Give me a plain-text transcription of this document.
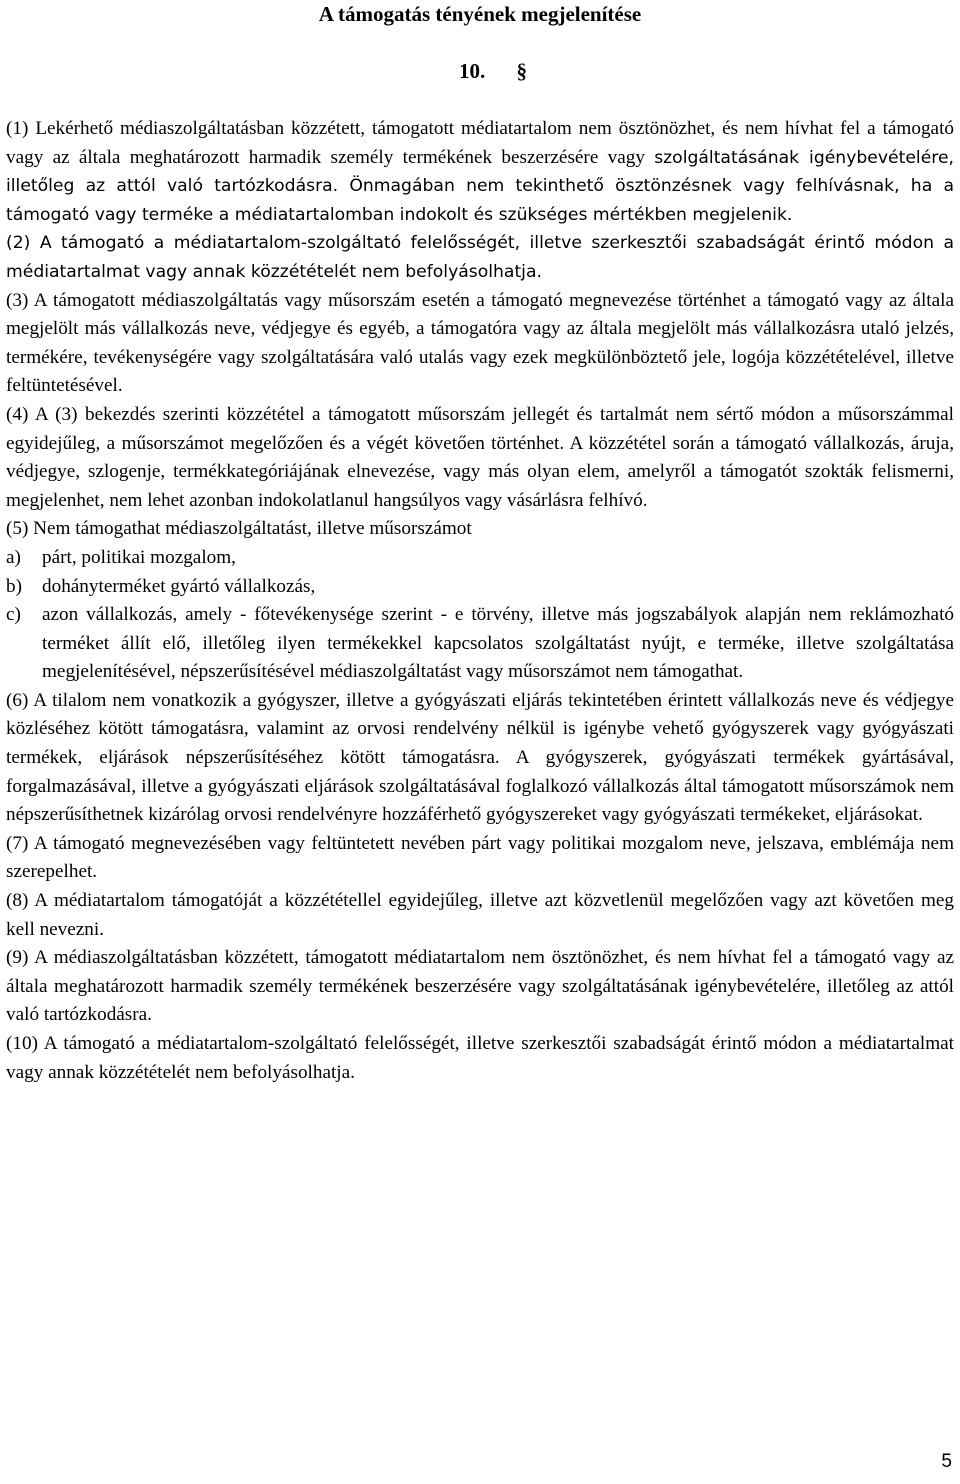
A támogatás tényének megjelenítése
10. §

(1) Lekérhető médiaszolgáltatásban közzétett, támogatott médiatartalom nem ösztönözhet, és nem hívhat fel a támogató vagy az általa meghatározott harmadik személy termékének beszerzésére vagy szolgáltatásának igénybevételére, illetőleg az attól való tartózkodásra. Önmagában nem tekinthető ösztönzésnek vagy felhívásnak, ha a támogató vagy terméke a médiatartalomban indokolt és szükséges mértékben megjelenik.

(2) A támogató a médiatartalom-szolgáltató felelősségét, illetve szerkesztői szabadságát érintő módon a médiatartalmat vagy annak közzétételét nem befolyásolhatja.

(3) A támogatott médiaszolgáltatás vagy műsorszám esetén a támogató megnevezése történhet a támogató vagy az általa megjelölt más vállalkozás neve, védjegye és egyéb, a támogatóra vagy az általa megjelölt más vállalkozásra utaló jelzés, termékére, tevékenységére vagy szolgáltatására való utalás vagy ezek megkülönböztető jele, logója közzétételével, illetve feltüntetésével.

(4) A (3) bekezdés szerinti közzététel a támogatott műsorszám jellegét és tartalmát nem sértő módon a műsorszámmal egyidejűleg, a műsorszámot megelőzően és a végét követően történhet. A közzététel során a támogató vállalkozás, áruja, védjegye, szlogenje, termékkategóriájának elnevezése, vagy más olyan elem, amelyről a támogatót szokták felismerni, megjelenhet, nem lehet azonban indokolatlanul hangsúlyos vagy vásárlásra felhívó.

(5) Nem támogathat médiaszolgáltatást, illetve műsorszámot

a)	párt, politikai mozgalom,
b)	dohányterméket gyártó vállalkozás,
c)	azon vállalkozás, amely - főtevékenysége szerint - e törvény, illetve más jogszabályok alapján nem reklámozható terméket állít elő, illetőleg ilyen termékekkel kapcsolatos szolgáltatást nyújt, e terméke, illetve szolgáltatása megjelenítésével, népszerűsítésével médiaszolgáltatást vagy műsorszámot nem támogathat.

(6) A tilalom nem vonatkozik a gyógyszer, illetve a gyógyászati eljárás tekintetében érintett vállalkozás neve és védjegye közléséhez kötött támogatásra, valamint az orvosi rendelvény nélkül is igénybe vehető gyógyszerek vagy gyógyászati termékek, eljárások népszerűsítéséhez kötött támogatásra. A gyógyszerek, gyógyászati termékek gyártásával, forgalmazásával, illetve a gyógyászati eljárások szolgáltatásával foglalkozó vállalkozás által támogatott műsorszámok nem népszerűsíthetnek kizárólag orvosi rendelvényre hozzáférhető gyógyszereket vagy gyógyászati termékeket, eljárásokat.

(7) A támogató megnevezésében vagy feltüntetett nevében párt vagy politikai mozgalom neve, jelszava, emblémája nem szerepelhet.

(8) A médiatartalom támogatóját a közzététellel egyidejűleg, illetve azt közvetlenül megelőzően vagy azt követően meg kell nevezni.

(9) A médiaszolgáltatásban közzétett, támogatott médiatartalom nem ösztönözhet, és nem hívhat fel a támogató vagy az általa meghatározott harmadik személy termékének beszerzésére vagy szolgáltatásának igénybevételére, illetőleg az attól való tartózkodásra.

(10) A támogató a médiatartalom-szolgáltató felelősségét, illetve szerkesztői szabadságát érintő módon a médiatartalmat vagy annak közzétételét nem befolyásolhatja.

5
